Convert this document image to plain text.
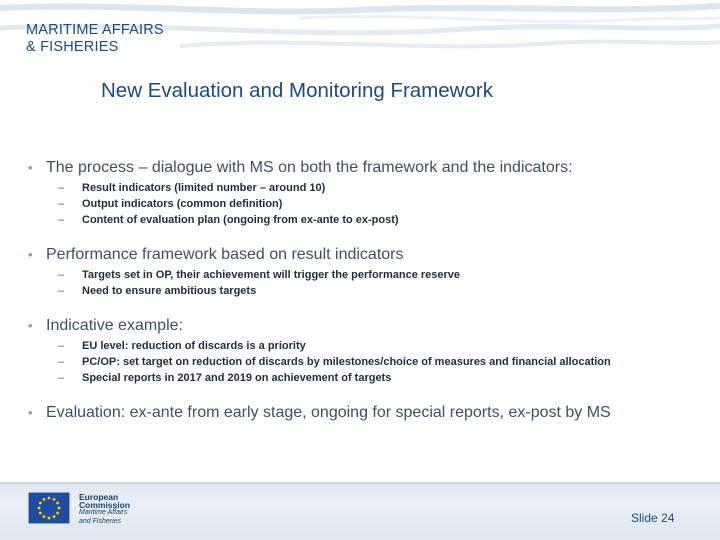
MARITIME AFFAIRS
& FISHERIES
New Evaluation and Monitoring Framework
• The process – dialogue with MS on both the framework and the indicators:
– Result indicators (limited number – around 10)
– Output indicators (common definition)
– Content of evaluation plan (ongoing from ex-ante to ex-post)
• Performance framework based on result indicators
– Targets set in OP, their achievement will trigger the performance reserve
– Need to ensure ambitious targets
• Indicative example:
– EU level: reduction of discards is a priority
– PC/OP: set target on reduction of discards by milestones/choice of measures and financial allocation
– Special reports in 2017 and 2019 on achievement of targets
• Evaluation: ex-ante from early stage, ongoing for special reports, ex-post by MS
European
Commission
Maritime Affairs
and Fisheries	Slide 24
